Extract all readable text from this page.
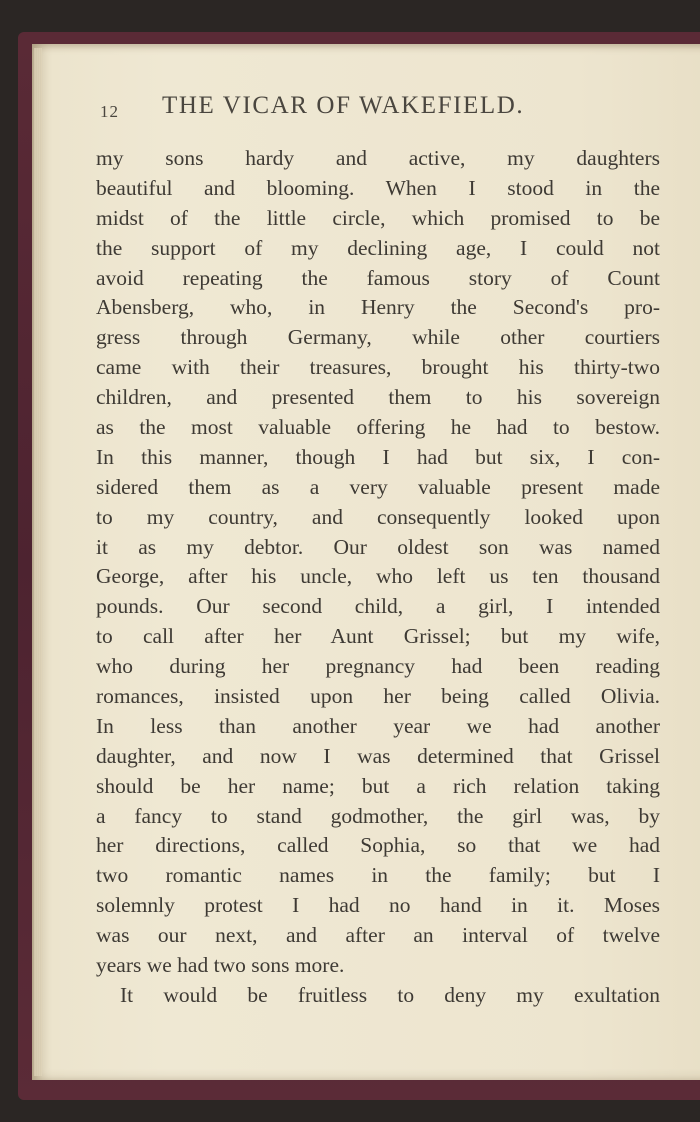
12 THE VICAR OF WAKEFIELD.
my sons hardy and active, my daughters
beautiful and blooming. When I stood in the
midst of the little circle, which promised to be
the support of my declining age, I could not
avoid repeating the famous story of Count
Abensberg, who, in Henry the Second's pro-
gress through Germany, while other courtiers
came with their treasures, brought his thirty-two
children, and presented them to his sovereign
as the most valuable offering he had to bestow.
In this manner, though I had but six, I con-
sidered them as a very valuable present made
to my country, and consequently looked upon
it as my debtor. Our oldest son was named
George, after his uncle, who left us ten thousand
pounds. Our second child, a girl, I intended
to call after her Aunt Grissel; but my wife,
who during her pregnancy had been reading
romances, insisted upon her being called Olivia.
In less than another year we had another
daughter, and now I was determined that Grissel
should be her name; but a rich relation taking
a fancy to stand godmother, the girl was, by
her directions, called Sophia, so that we had
two romantic names in the family; but I
solemnly protest I had no hand in it. Moses
was our next, and after an interval of twelve
years we had two sons more.
It would be fruitless to deny my exultation
